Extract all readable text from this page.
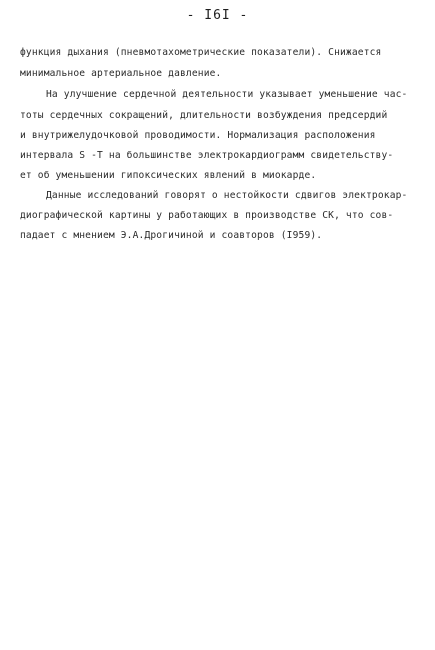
- I6I -
функция дыхания (пневмотахометрические показатели). Снижается
минимальное артериальное давление.
На улучшение сердечной деятельности указывает уменьшение час-
тоты сердечных сокращений, длительности возбуждения предсердий
и внутрижелудочковой проводимости. Нормализация расположения
интервала S -T на большинстве электрокардиограмм свидетельству-
ет об уменьшении гипоксических явлений в миокарде.
Данные исследований говорят о нестойкости сдвигов электрокар-
диографической картины у работающих в производстве СК, что сов-
падает с мнением Э.А.Дрогичиной и соавторов (I959).
